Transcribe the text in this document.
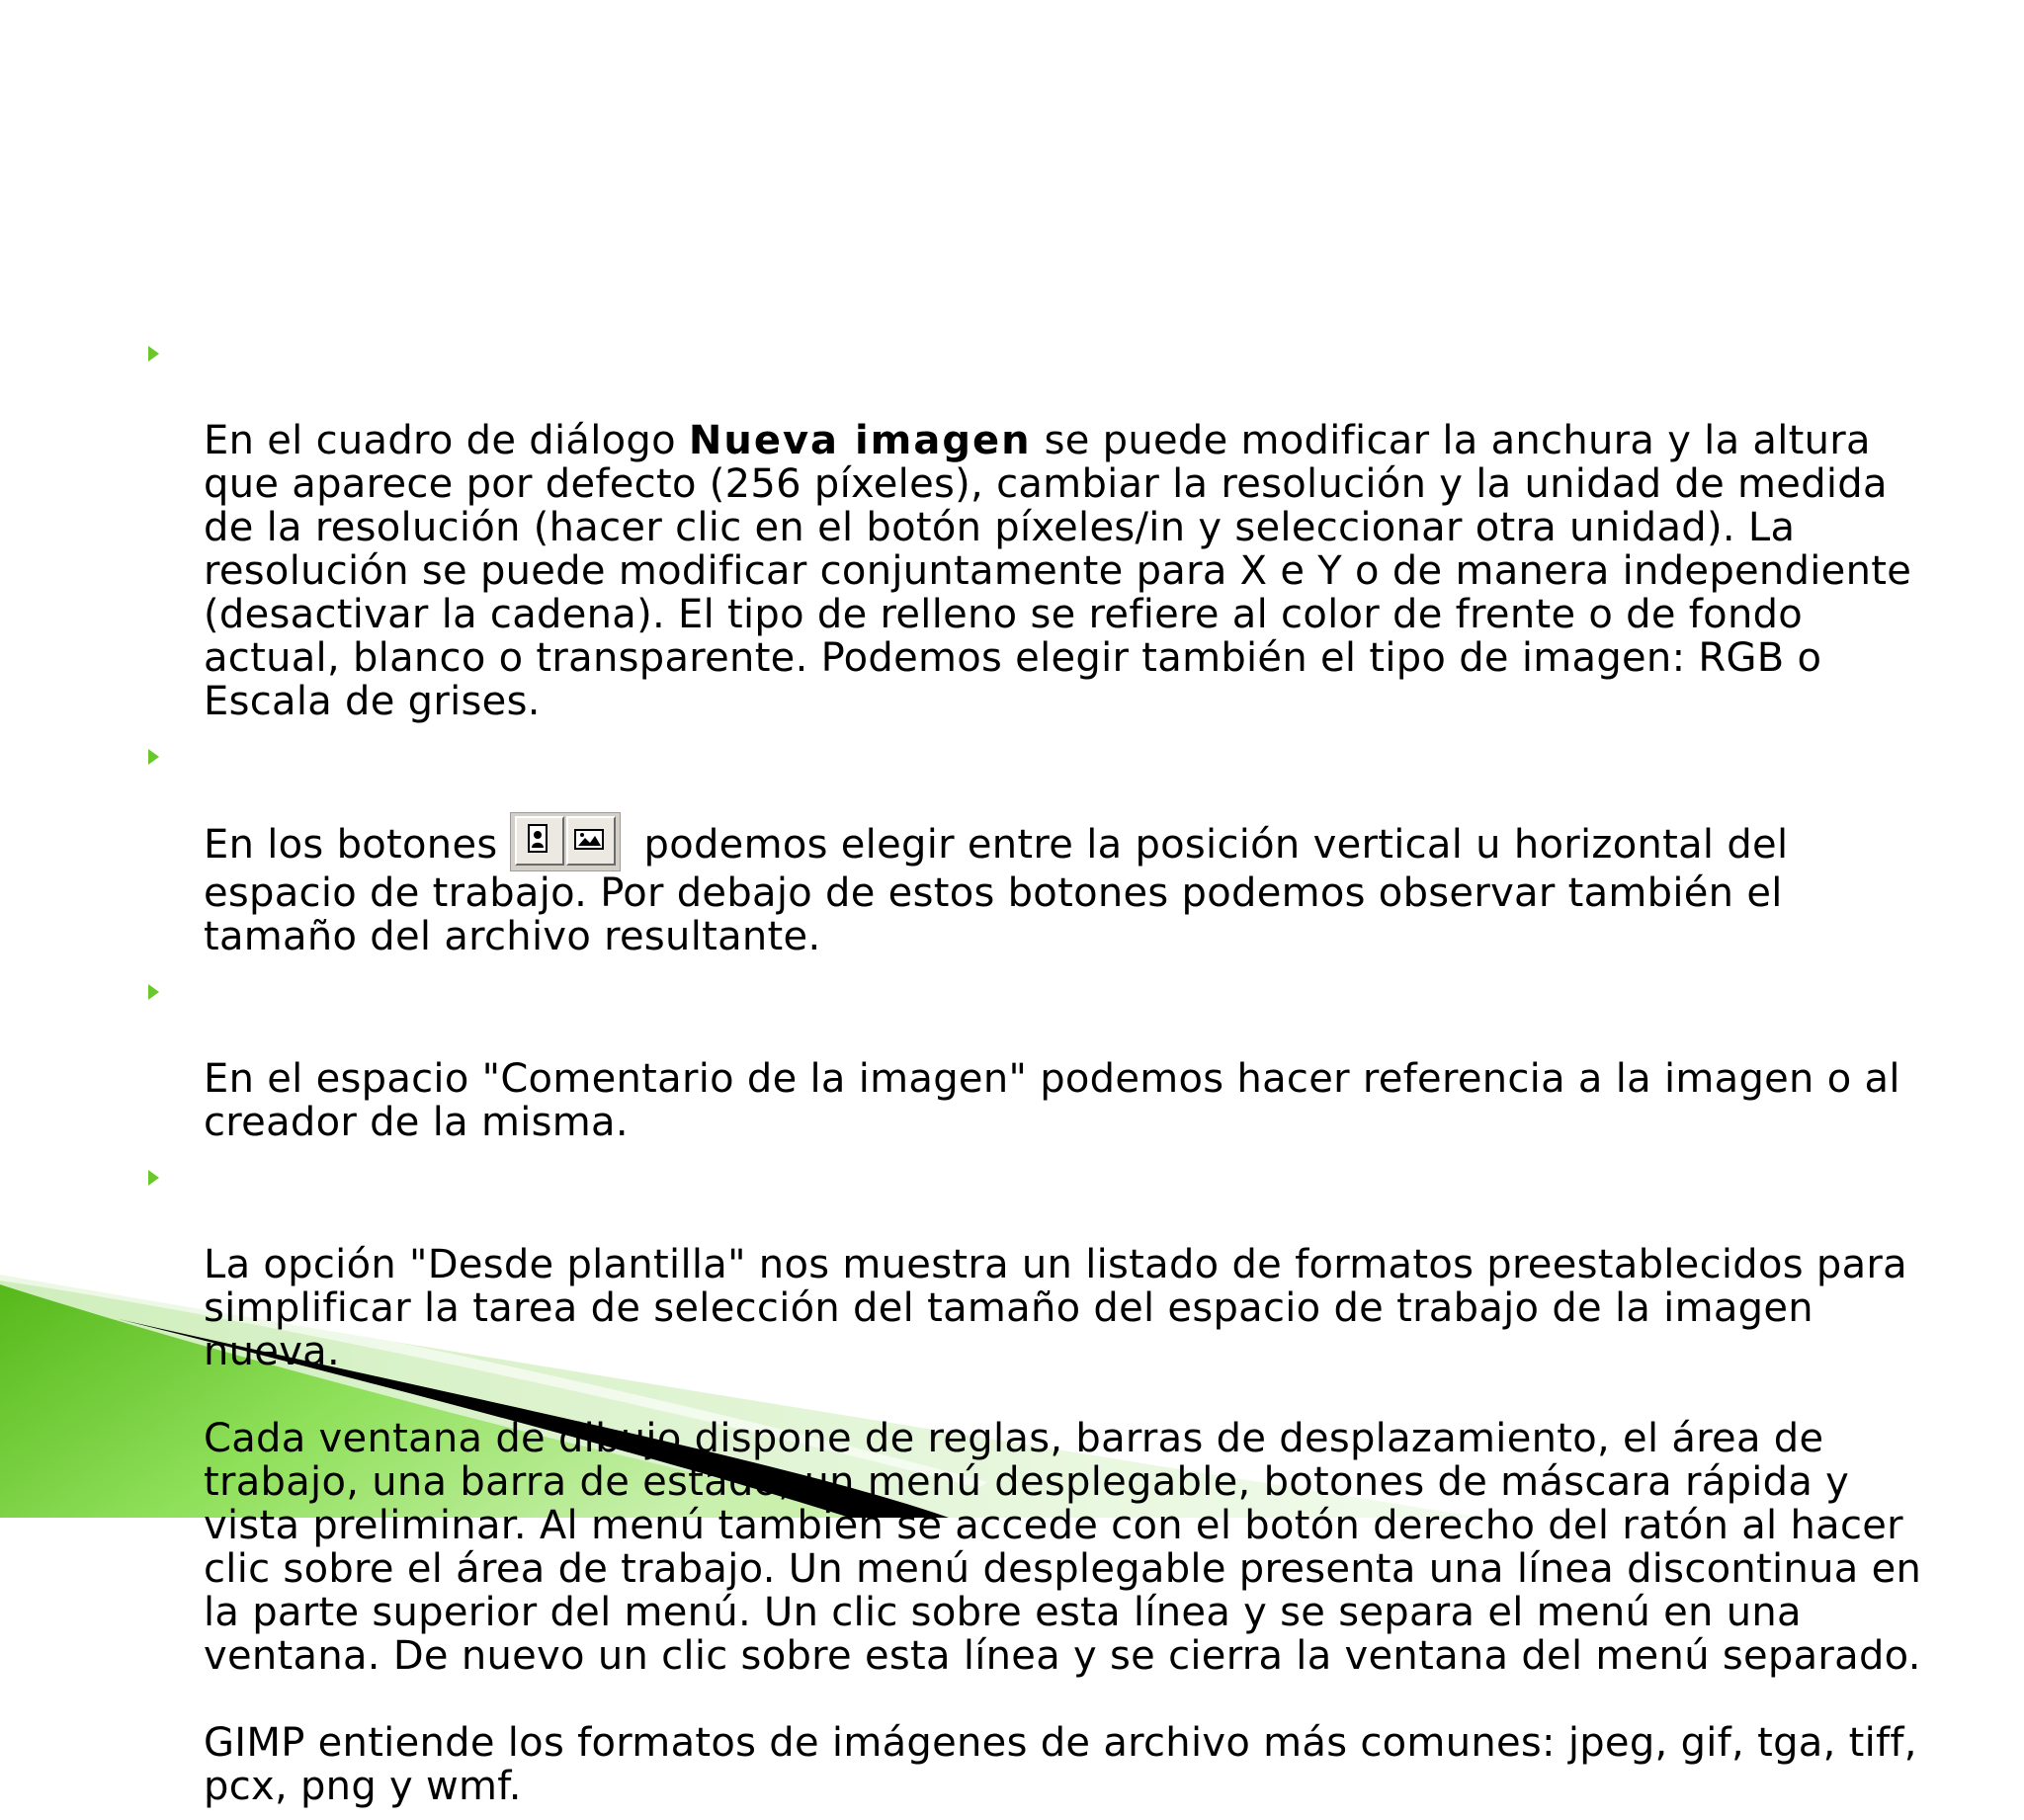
En el cuadro de diálogo Nueva imagen se puede modificar la anchura y la altura que aparece por defecto (256 píxeles), cambiar la resolución y la unidad de medida de la resolución (hacer clic en el botón píxeles/in y seleccionar otra unidad). La resolución se puede modificar conjuntamente para X e Y o de manera independiente (desactivar la cadena). El tipo de relleno se refiere al color de frente o de fondo actual, blanco o transparente. Podemos elegir también el tipo de imagen: RGB o Escala de grises.

En los botones	podemos elegir entre la posición vertical u horizontal del espacio de trabajo. Por debajo de estos botones podemos observar también el tamaño del archivo resultante.

En el espacio "Comentario de la imagen" podemos hacer referencia a la imagen o al creador de la misma.

La opción "Desde plantilla" nos muestra un listado de formatos preestablecidos para simplificar la tarea de selección del tamaño del espacio de trabajo de la imagen nueva.

Cada ventana de dibujo dispone de reglas, barras de desplazamiento, el área de trabajo, una barra de estado, un menú desplegable, botones de máscara rápida y vista preliminar. Al menú también se accede con el botón derecho del ratón al hacer clic sobre el área de trabajo. Un menú desplegable presenta una línea discontinua en la parte superior del menú. Un clic sobre esta línea y se separa el menú en una ventana. De nuevo un clic sobre esta línea y se cierra la ventana del menú separado.

GIMP entiende los formatos de imágenes de archivo más comunes: jpeg, gif, tga, tiff, pcx, png y wmf.
